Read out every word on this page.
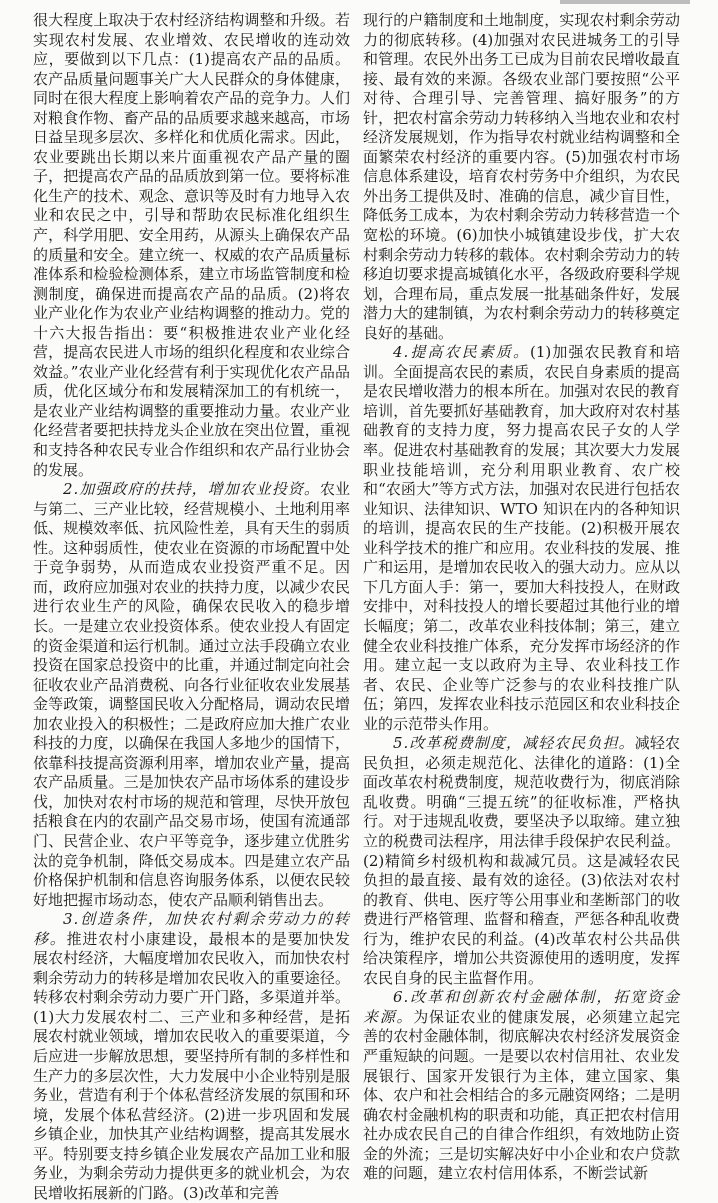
很大程度上取决于农村经济结构调整和升级。若实现农村发展、农业增效、农民增收的连动效应，要做到以下几点：(1)提高农产品的品质。农产品质量问题事关广大人民群众的身体健康，同时在很大程度上影响着农产品的竞争力。人们对粮食作物、畜产品的品质要求越来越高，市场日益呈现多层次、多样化和优质化需求。因此，农业要跳出长期以来片面重视农产品产量的圈子，把提高农产品的品质放到第一位。要将标准化生产的技术、观念、意识等及时有力地导入农业和农民之中，引导和帮助农民标准化组织生产，科学用肥、安全用药，从源头上确保农产品的质量和安全。建立统一、权威的农产品质量标准体系和检验检测体系，建立市场监管制度和检测制度，确保进而提高农产品的品质。(2)将农业产业化作为农业产业结构调整的推动力。党的十六大报告指出：要“积极推进农业产业化经营，提高农民进人市场的组织化程度和农业综合效益。”农业产业化经营有利于实现优化农产品品质，优化区域分布和发展精深加工的有机统一，是农业产业结构调整的重要推动力量。农业产业化经营者要把扶持龙头企业放在突出位置，重视和支持各种农民专业合作组织和农产品行业协会的发展。

2.加强政府的扶持，增加农业投资。农业与第二、三产业比较，经营规模小、土地利用率低、规模效率低、抗风险性差，具有天生的弱质性。这种弱质性，使农业在资源的市场配置中处于竞争弱势，从而造成农业投资严重不足。因而，政府应加强对农业的扶持力度，以减少农民进行农业生产的风险，确保农民收入的稳步增长。一是建立农业投资体系。使农业投人有固定的资金渠道和运行机制。通过立法手段确立农业投资在国家总投资中的比重，并通过制定向社会征收农业产品消费税、向各行业征收农业发展基金等政策，调整国民收入分配格局，调动农民增加农业投入的积极性；二是政府应加大推广农业科技的力度，以确保在我国人多地少的国情下，依靠科技提高资源利用率，增加农业产量，提高农产品质量。三是加快农产品市场体系的建设步伐，加快对农村市场的规范和管理，尽快开放包括粮食在内的农副产品交易市场，使国有流通部门、民营企业、农户平等竞争，逐步建立优胜劣汰的竞争机制，降低交易成本。四是建立农产品价格保护机制和信息咨询服务体系，以便农民较好地把握市场动态，使农产品顺利销售出去。

3.创造条件，加快农村剩余劳动力的转移。推进农村小康建设，最根本的是要加快发展农村经济，大幅度增加农民收入，而加快农村剩余劳动力的转移是增加农民收入的重要途径。转移农村剩余劳动力要广开门路，多渠道并举。(1)大力发展农村二、三产业和多种经营，是拓展农村就业领域，增加农民收入的重要渠道，今后应进一步解放思想，要坚持所有制的多样性和生产力的多层次性，大力发展中小企业特别是服务业，营造有利于个体私营经济发展的氛围和环境，发展个体私营经济。(2)进一步巩固和发展乡镇企业，加快其产业结构调整，提高其发展水平。特别要支持乡镇企业发展农产品加工业和服务业，为剩余劳动力提供更多的就业机会，为农民增收拓展新的门路。(3)改革和完善

现行的户籍制度和土地制度，实现农村剩余劳动力的彻底转移。(4)加强对农民进城务工的引导和管理。农民外出务工已成为目前农民增收最直接、最有效的来源。各级农业部门要按照“公平对待、合理引导、完善管理、搞好服务”的方针，把农村富余劳动力转移纳入当地农业和农村经济发展规划，作为指导农村就业结构调整和全面繁荣农村经济的重要内容。(5)加强农村市场信息体系建设，培育农村劳务中介组织，为农民外出务工提供及时、准确的信息，减少盲目性，降低务工成本，为农村剩余劳动力转移营造一个宽松的环境。(6)加快小城镇建设步伐，扩大农村剩余劳动力转移的载体。农村剩余劳动力的转移迫切要求提高城镇化水平，各级政府要科学规划，合理布局，重点发展一批基础条件好，发展潜力大的建制镇，为农村剩余劳动力的转移奠定良好的基础。

4.提高农民素质。(1)加强农民教育和培训。全面提高农民的素质，农民自身素质的提高是农民增收潜力的根本所在。加强对农民的教育培训，首先要抓好基础教育，加大政府对农村基础教育的支持力度，努力提高农民子女的人学率。促进农村基础教育的发展；其次要大力发展职业技能培训，充分利用职业教育、农广校和“农函大”等方式方法，加强对农民进行包括农业知识、法律知识、WTO 知识在内的各种知识的培训，提高农民的生产技能。(2)积极开展农业科学技术的推广和应用。农业科技的发展、推广和运用，是增加农民收入的强大动力。应从以下几方面人手：第一，要加大科技投人，在财政安排中，对科技投人的增长要超过其他行业的增长幅度；第二，改革农业科技体制；第三，建立健全农业科技推广体系，充分发挥市场经济的作用。建立起一支以政府为主导、农业科技工作者、农民、企业等广泛参与的农业科技推广队伍；第四，发挥农业科技示范园区和农业科技企业的示范带头作用。

5.改革税费制度，减轻农民负担。减轻农民负担，必须走规范化、法律化的道路：(1)全面改革农村税费制度，规范收费行为，彻底消除乱收费。明确“三提五统”的征收标准，严格执行。对于违规乱收费，要坚决予以取缔。建立独立的税费司法程序，用法律手段保护农民利益。(2)精简乡村级机构和裁减冗员。这是减轻农民负担的最直接、最有效的途径。(3)依法对农村的教育、供电、医疗等公用事业和垄断部门的收费进行严格管理、监督和稽查，严惩各种乱收费行为，维护农民的利益。(4)改革农村公共品供给决策程序，增加公共资源使用的透明度，发挥农民自身的民主监督作用。

6.改革和创新农村金融体制，拓宽资金来源。为保证农业的健康发展，必须建立起完善的农村金融体制，彻底解决农村经济发展资金严重短缺的问题。一是要以农村信用社、农业发展银行、国家开发银行为主体，建立国家、集体、农户和社会相结合的多元融资网络；二是明确农村金融机构的职责和功能，真正把农村信用社办成农民自己的自律合作组织，有效地防止资金的外流；三是切实解决好中小企业和农户贷款难的问题，建立农村信用体系，不断尝试新
